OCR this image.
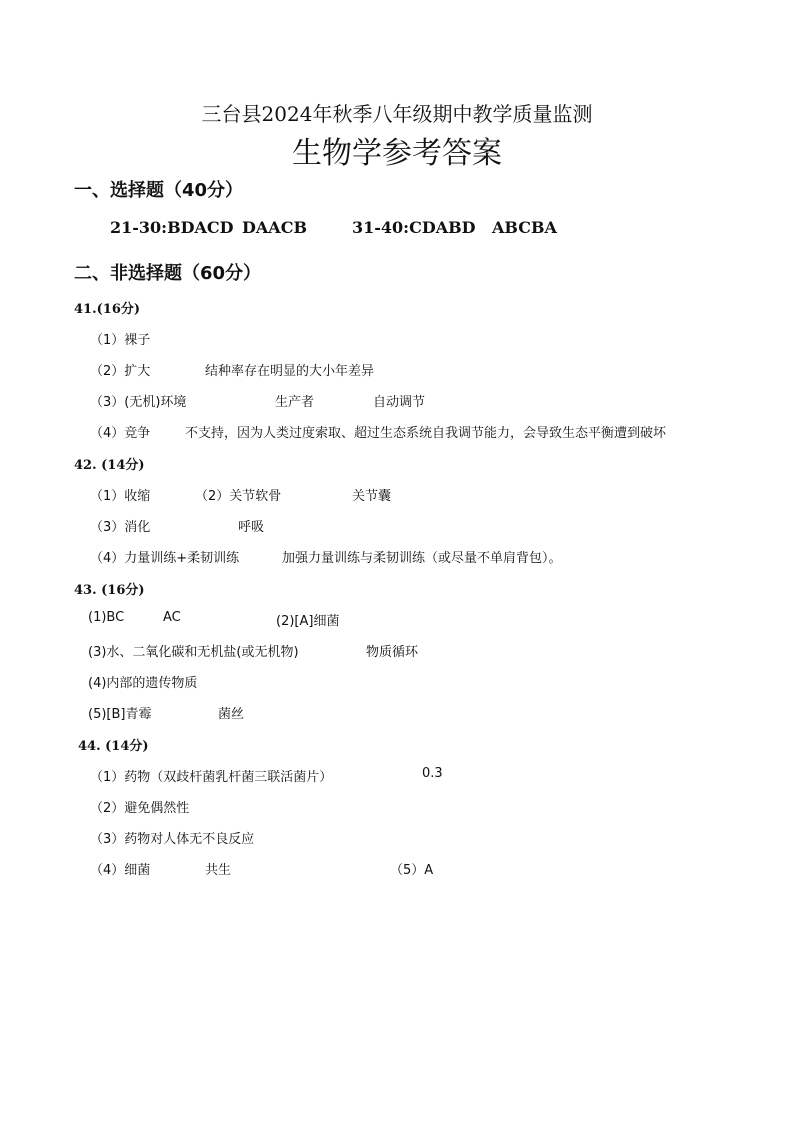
三台县2024年秋季八年级期中教学质量监测
生物学参考答案
一、选择题（40分）
21-30:BDACD DAACB	31-40:CDABD ABCBA
二、非选择题（60分）
41.(16分)
（1）裸子
（2）扩大	结种率存在明显的大小年差异
（3）(无机)环境	生产者	自动调节
（4）竞争	不支持，因为人类过度索取、超过生态系统自我调节能力，会导致生态平衡遭到破坏
42. (14分)
（1）收缩	（2）关节软骨	关节囊
（3）消化	呼吸
（4）力量训练+柔韧训练	加强力量训练与柔韧训练（或尽量不单肩背包）。
43. (16分)
(1)BC	AC	(2)[A]细菌
(3)水、二氧化碳和无机盐(或无机物)	物质循环
(4)内部的遗传物质
(5)[B]青霉	菌丝
44. (14分)
（1）药物（双歧杆菌乳杆菌三联活菌片）	0.3
（2）避免偶然性
（3）药物对人体无不良反应
（4）细菌	共生	（5）A
